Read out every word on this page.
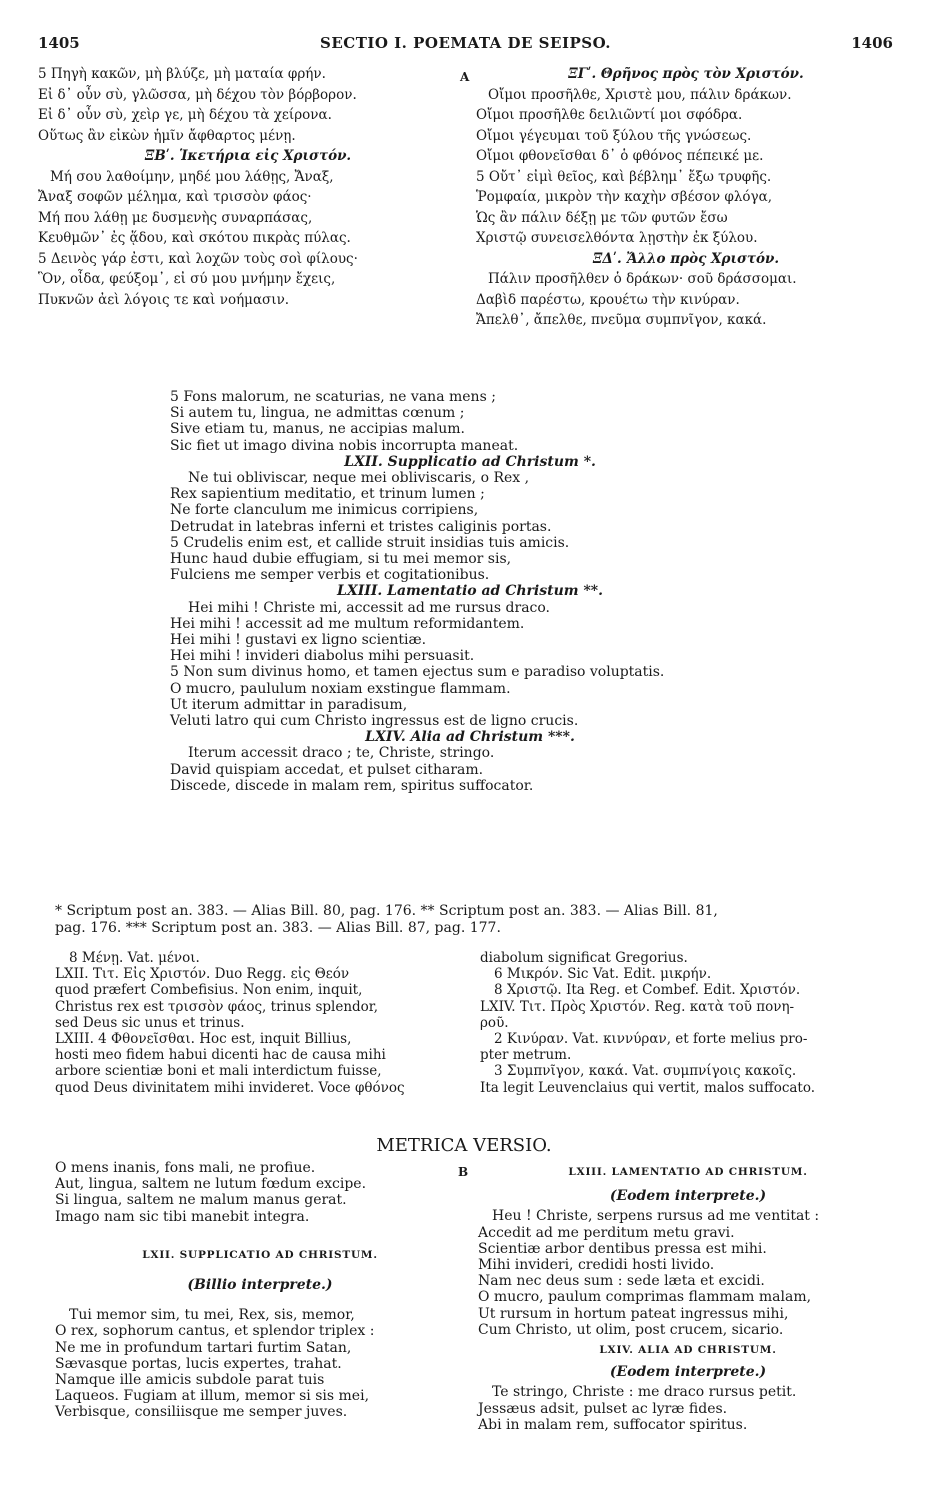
1405	SECTIO I. POEMATA DE SEIPSO.	1406
A
B
5 Πηγὴ κακῶν, μὴ βλύζε, μὴ ματαία φρήν.
Εἰ δ᾽ οὖν σὺ, γλῶσσα, μὴ δέχου τὸν βόρβορον.
Εἰ δ᾽ οὖν σὺ, χεὶρ γε, μὴ δέχου τὰ χείρονα.
Οὕτως ἂν εἰκὼν ἡμῖν ἄφθαρτος μένῃ.
ΞΒʹ. Ἱκετήρια εἰς Χριστόν.
Μή σου λαθοίμην, μηδέ μου λάθῃς, Ἄναξ,
Ἄναξ σοφῶν μέλημα, καὶ τρισσὸν φάος·
Μή που λάθῃ με δυσμενὴς συναρπάσας,
Κευθμῶν᾽ ἐς ᾅδου, καὶ σκότου πικρὰς πύλας.
5 Δεινὸς γάρ ἐστι, καὶ λοχῶν τοὺς σοὶ φίλους·
Ὃν, οἶδα, φεύξομ᾽, εἰ σύ μου μνήμην ἔχεις,
Πυκνῶν ἀεὶ λόγοις τε καὶ νοήμασιν.
ΞΓʹ. Θρῆνος πρὸς τὸν Χριστόν.
Οἴμοι προσῆλθε, Χριστὲ μου, πάλιν δράκων.
Οἴμοι προσῆλθε δειλιῶντί μοι σφόδρα.
Οἴμοι γέγευμαι τοῦ ξύλου τῆς γνώσεως.
Οἴμοι φθονεῖσθαι δ᾽ ὁ φθόνος πέπεικέ με.
5 Οὔτ᾽ εἰμὶ θεῖος, καὶ βέβλημ᾽ ἔξω τρυφῆς.
Ῥομφαία, μικρὸν τὴν καχὴν σβέσον φλόγα,
Ὡς ἂν πάλιν δέξῃ με τῶν φυτῶν ἔσω
Χριστῷ συνεισελθόντα λῃστὴν ἐκ ξύλου.
ΞΔʹ. Ἄλλο πρὸς Χριστόν.
Πάλιν προσῆλθεν ὁ δράκων· σοῦ δράσσομαι.
Δαβὶδ παρέστω, κρουέτω τὴν κινύραν.
Ἄπελθ᾽, ἄπελθε, πνεῦμα συμπνῖγον, κακά.
5 Fons malorum, ne scaturias, ne vana mens ;
Si autem tu, lingua, ne admittas cœnum ;
Sive etiam tu, manus, ne accipias malum.
Sic fiet ut imago divina nobis incorrupta maneat.
LXII. Supplicatio ad Christum *.
Ne tui obliviscar, neque mei obliviscaris, o Rex ,
Rex sapientium meditatio, et trinum lumen ;
Ne forte clanculum me inimicus corripiens,
Detrudat in latebras inferni et tristes caliginis portas.
5 Crudelis enim est, et callide struit insidias tuis amicis.
Hunc haud dubie effugiam, si tu mei memor sis,
Fulciens me semper verbis et cogitationibus.
LXIII. Lamentatio ad Christum **.
Hei mihi ! Christe mi, accessit ad me rursus draco.
Hei mihi ! accessit ad me multum reformidantem.
Hei mihi ! gustavi ex ligno scientiæ.
Hei mihi ! invideri diabolus mihi persuasit.
5 Non sum divinus homo, et tamen ejectus sum e paradiso voluptatis.
O mucro, paululum noxiam exstingue flammam.
Ut iterum admittar in paradisum,
Veluti latro qui cum Christo ingressus est de ligno crucis.
LXIV. Alia ad Christum ***.
Iterum accessit draco ; te, Christe, stringo.
David quispiam accedat, et pulset citharam.
Discede, discede in malam rem, spiritus suffocator.
* Scriptum post an. 383. — Alias Bill. 80, pag. 176. ** Scriptum post an. 383. — Alias Bill. 81,
pag. 176. *** Scriptum post an. 383. — Alias Bill. 87, pag. 177.
8 Μένῃ. Vat. μένοι.
LXII. Τιτ. Εἰς Χριστόν. Duo Regg. εἰς Θεόν
quod præfert Combefisius. Non enim, inquit,
Christus rex est τρισσὸν φάος, trinus splendor,
sed Deus sic unus et trinus.
LXIII. 4 Φθονεῖσθαι. Hoc est, inquit Billius,
hosti meo fidem habui dicenti hac de causa mihi
arbore scientiæ boni et mali interdictum fuisse,
quod Deus divinitatem mihi invideret. Voce φθόνος
diabolum significat Gregorius.
6 Μικρόν. Sic Vat. Edit. μικρήν.
8 Χριστῷ. Ita Reg. et Combef. Edit. Χριστόν.
LXIV. Τιτ. Πρὸς Χριστόν. Reg. κατὰ τοῦ πονη-
ροῦ.
2 Κινύραν. Vat. κιννύραν, et forte melius pro-
pter metrum.
3 Συμπνῖγον, κακά. Vat. συμπνίγοις κακοῖς.
Ita legit Leuvenclaius qui vertit, malos suffocato.
METRICA VERSIO.
O mens inanis, fons mali, ne profiue.
Aut, lingua, saltem ne lutum fœdum excipe.
Si lingua, saltem ne malum manus gerat.
Imago nam sic tibi manebit integra.
LXII. SUPPLICATIO AD CHRISTUM.
(Billio interprete.)
Tui memor sim, tu mei, Rex, sis, memor,
O rex, sophorum cantus, et splendor triplex :
Ne me in profundum tartari furtim Satan,
Sævasque portas, lucis expertes, trahat.
Namque ille amicis subdole parat tuis
Laqueos. Fugiam at illum, memor si sis mei,
Verbisque, consiliisque me semper juves.
LXIII. LAMENTATIO AD CHRISTUM.
(Eodem interprete.)
Heu ! Christe, serpens rursus ad me ventitat :
Accedit ad me perditum metu gravi.
Scientiæ arbor dentibus pressa est mihi.
Mihi invideri, credidi hosti livido.
Nam nec deus sum : sede læta et excidi.
O mucro, paulum comprimas flammam malam,
Ut rursum in hortum pateat ingressus mihi,
Cum Christo, ut olim, post crucem, sicario.
LXIV. ALIA AD CHRISTUM.
(Eodem interprete.)
Te stringo, Christe : me draco rursus petit.
Jessæus adsit, pulset ac lyræ fides.
Abi in malam rem, suffocator spiritus.
